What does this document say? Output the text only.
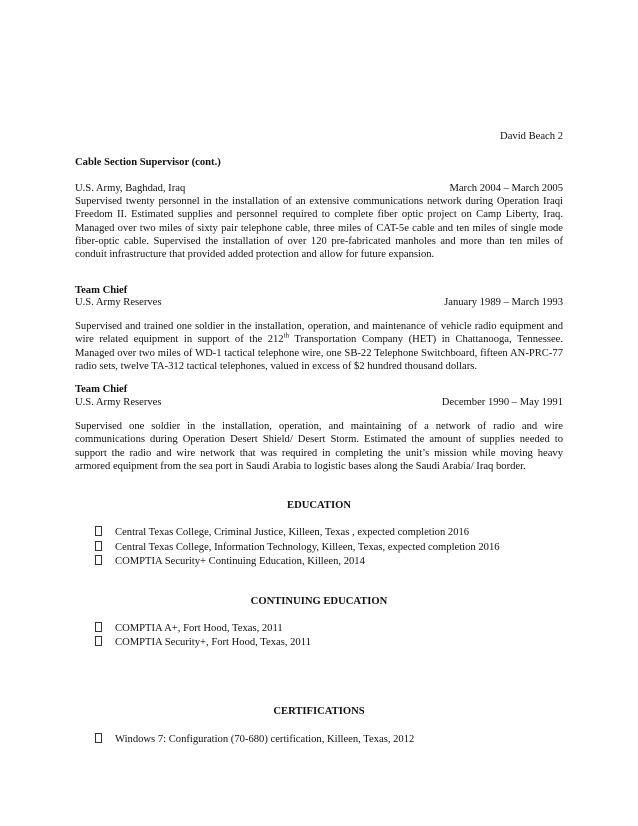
David Beach 2
Cable Section Supervisor (cont.)
U.S. Army, Baghdad, Iraq	March 2004 – March 2005
Supervised twenty personnel in the installation of an extensive communications network during Operation Iraqi Freedom II. Estimated supplies and personnel required to complete fiber optic project on Camp Liberty, Iraq. Managed over two miles of sixty pair telephone cable, three miles of CAT-5e cable and ten miles of single mode fiber-optic cable. Supervised the installation of over 120 pre-fabricated manholes and more than ten miles of conduit infrastructure that provided added protection and allow for future expansion.
Team Chief
U.S. Army Reserves	January 1989 – March 1993
Supervised and trained one soldier in the installation, operation, and maintenance of vehicle radio equipment and wire related equipment in support of the 212th Transportation Company (HET) in Chattanooga, Tennessee. Managed over two miles of WD-1 tactical telephone wire, one SB-22 Telephone Switchboard, fifteen AN-PRC-77 radio sets, twelve TA-312 tactical telephones, valued in excess of $2 hundred thousand dollars.
Team Chief
U.S. Army Reserves	December 1990 – May 1991
Supervised one soldier in the installation, operation, and maintaining of a network of radio and wire communications during Operation Desert Shield/ Desert Storm. Estimated the amount of supplies needed to support the radio and wire network that was required in completing the unit’s mission while moving heavy armored equipment from the sea port in Saudi Arabia to logistic bases along the Saudi Arabia/ Iraq border.
EDUCATION
Central Texas College, Criminal Justice, Killeen, Texas , expected completion 2016
Central Texas College, Information Technology, Killeen, Texas, expected completion 2016
COMPTIA Security+ Continuing Education, Killeen, 2014
CONTINUING EDUCATION
COMPTIA A+, Fort Hood, Texas, 2011
COMPTIA Security+, Fort Hood, Texas, 2011
CERTIFICATIONS
Windows 7: Configuration (70-680) certification, Killeen, Texas, 2012
